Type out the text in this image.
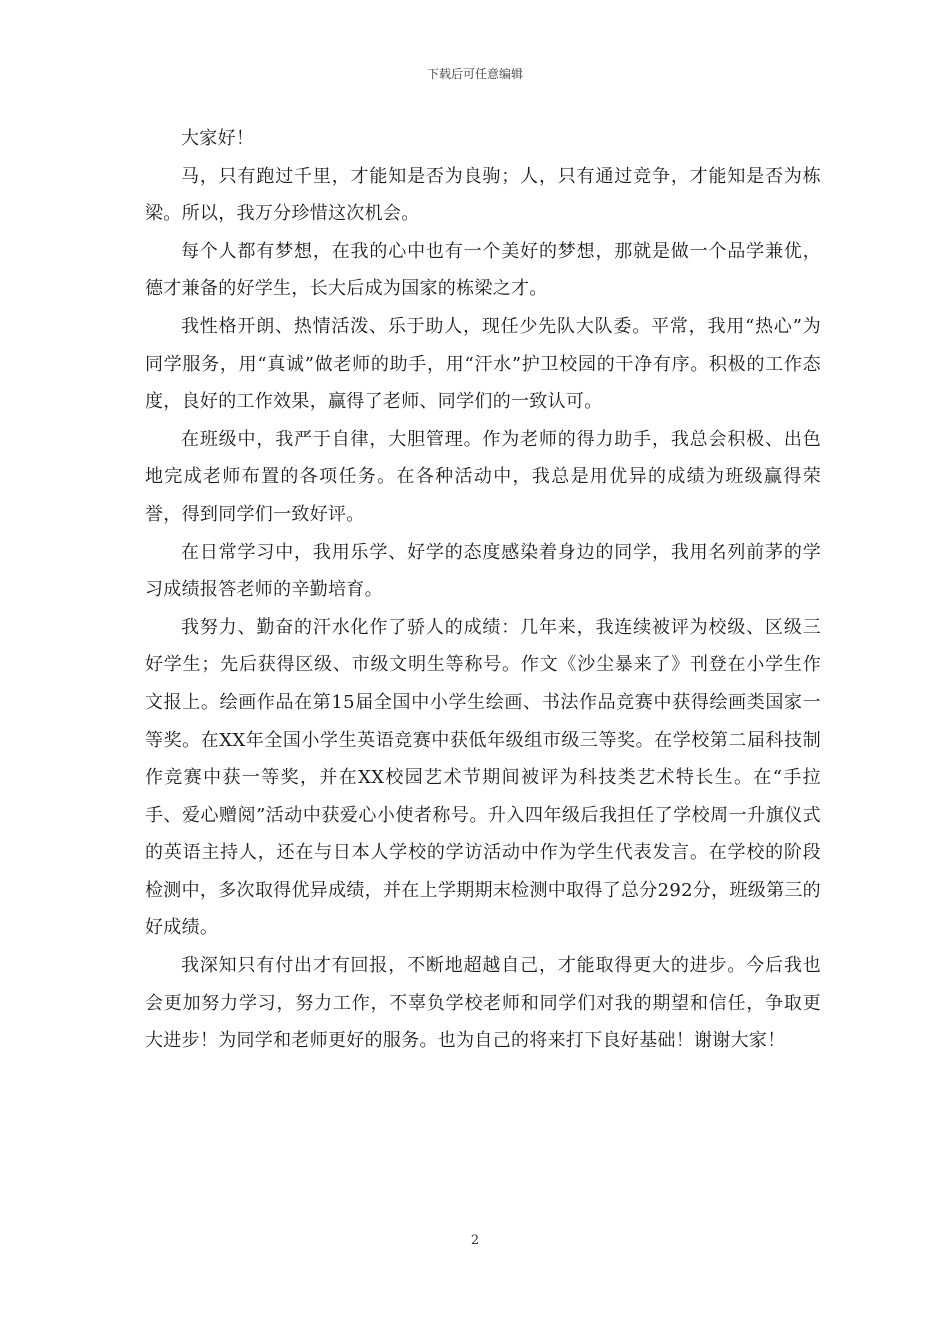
下载后可任意编辑

大家好！

马，只有跑过千里，才能知是否为良驹；人，只有通过竞争，才能知是否为栋梁。所以，我万分珍惜这次机会。

每个人都有梦想，在我的心中也有一个美好的梦想，那就是做一个品学兼优，德才兼备的好学生，长大后成为国家的栋梁之才。

我性格开朗、热情活泼、乐于助人，现任少先队大队委。平常，我用“热心”为同学服务，用“真诚”做老师的助手，用“汗水”护卫校园的干净有序。积极的工作态度，良好的工作效果，赢得了老师、同学们的一致认可。

在班级中，我严于自律，大胆管理。作为老师的得力助手，我总会积极、出色地完成老师布置的各项任务。在各种活动中，我总是用优异的成绩为班级赢得荣誉，得到同学们一致好评。

在日常学习中，我用乐学、好学的态度感染着身边的同学，我用名列前茅的学习成绩报答老师的辛勤培育。

我努力、勤奋的汗水化作了骄人的成绩：几年来，我连续被评为校级、区级三好学生；先后获得区级、市级文明生等称号。作文《沙尘暴来了》刊登在小学生作文报上。绘画作品在第15届全国中小学生绘画、书法作品竞赛中获得绘画类国家一等奖。在XX年全国小学生英语竞赛中获低年级组市级三等奖。在学校第二届科技制作竞赛中获一等奖，并在XX校园艺术节期间被评为科技类艺术特长生。在“手拉手、爱心赠阅”活动中获爱心小使者称号。升入四年级后我担任了学校周一升旗仪式的英语主持人，还在与日本人学校的学访活动中作为学生代表发言。在学校的阶段检测中，多次取得优异成绩，并在上学期期末检测中取得了总分292分，班级第三的好成绩。

我深知只有付出才有回报，不断地超越自己，才能取得更大的进步。今后我也会更加努力学习，努力工作，不辜负学校老师和同学们对我的期望和信任，争取更大进步！为同学和老师更好的服务。也为自己的将来打下良好基础！谢谢大家！

2
